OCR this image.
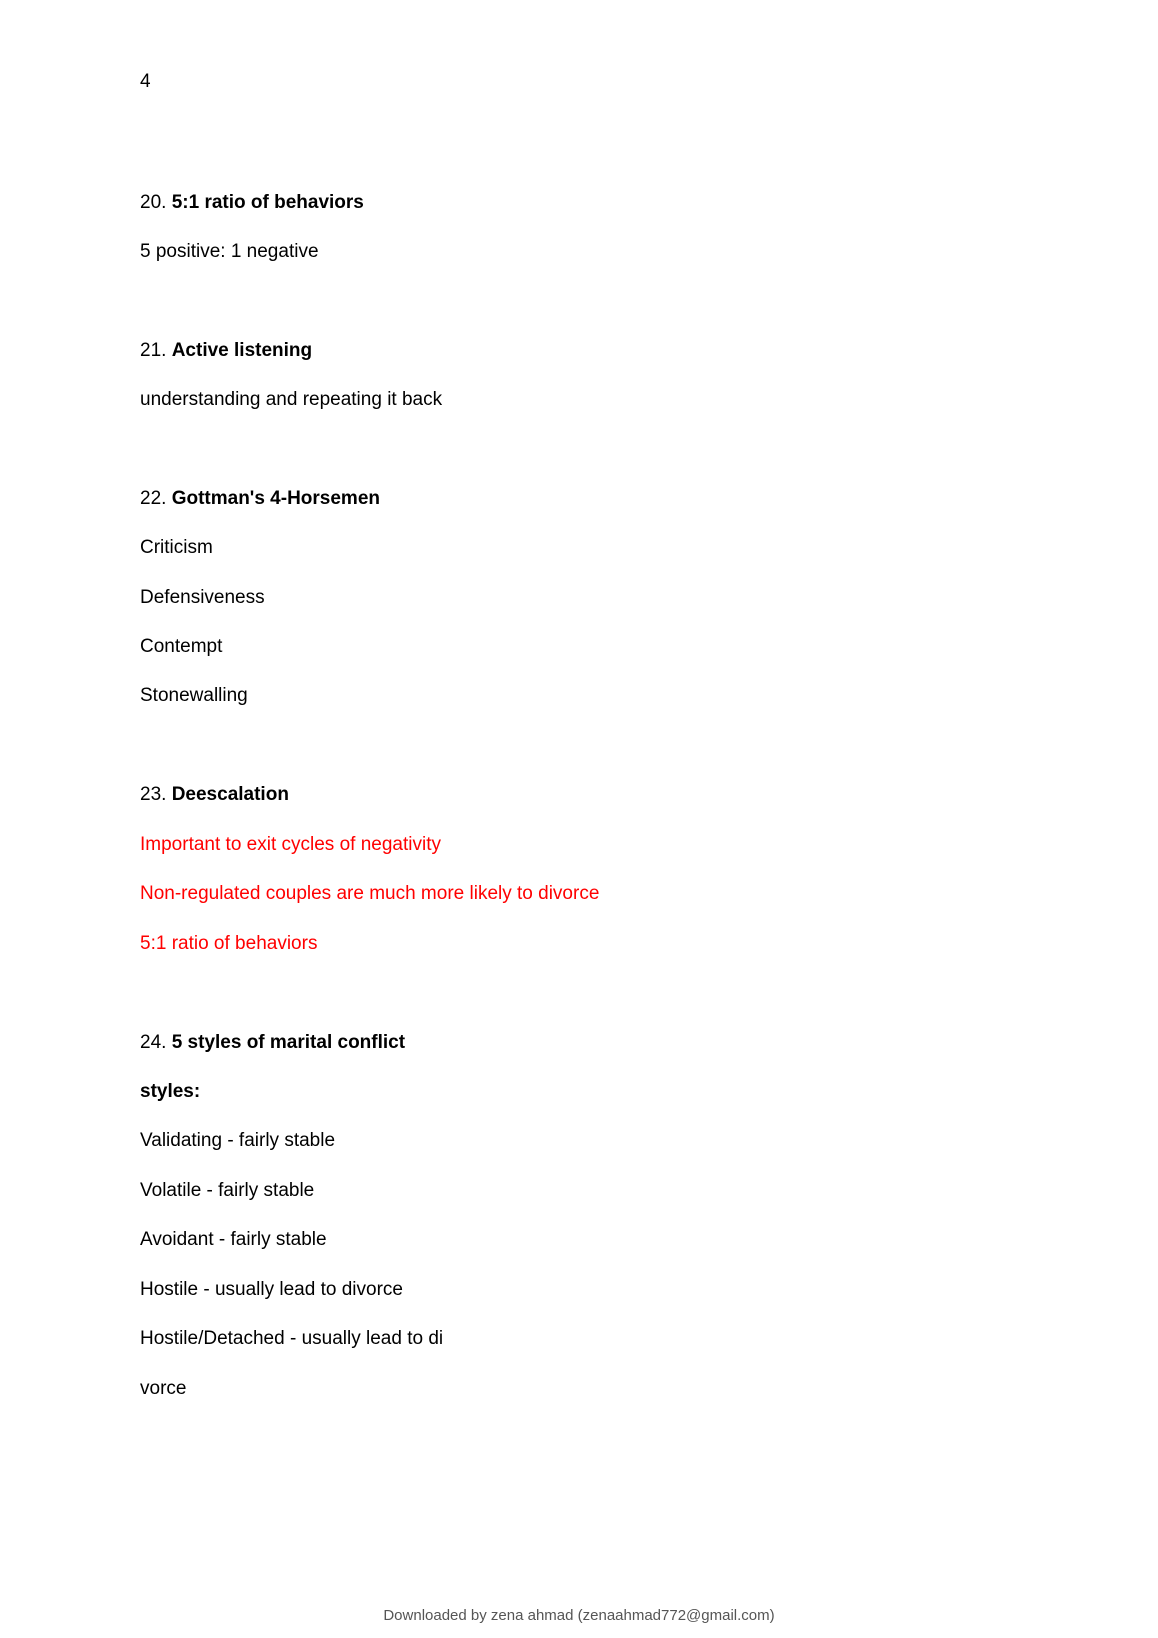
4
20. 5:1 ratio of behaviors
5 positive: 1 negative
21. Active listening
understanding and repeating it back
22. Gottman's 4-Horsemen
Criticism
Defensiveness
Contempt
Stonewalling
23. Deescalation
Important to exit cycles of negativity
Non-regulated couples are much more likely to divorce
5:1 ratio of behaviors
24. 5 styles of marital conflict
styles:
Validating - fairly stable
Volatile - fairly stable
Avoidant - fairly stable
Hostile - usually lead to divorce
Hostile/Detached - usually lead to di
vorce
Downloaded by zena ahmad (zenaahmad772@gmail.com)
